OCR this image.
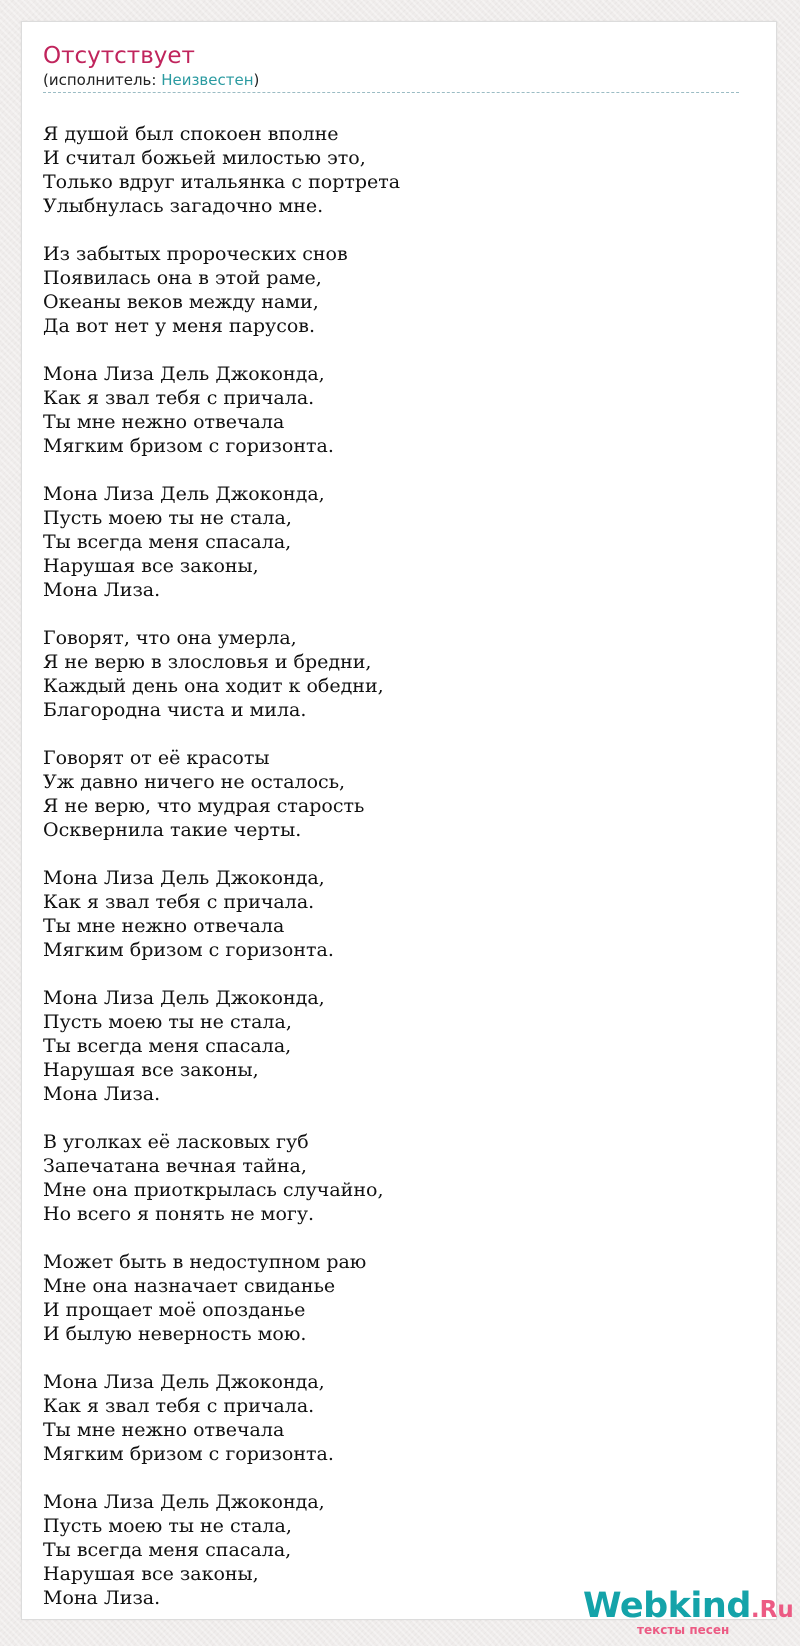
Отсутствует
(исполнитель: Неизвестен)
Я душой был спокоен вполне
И считал божьей милостью это,
Только вдруг итальянка с портрета
Улыбнулась загадочно мне.
Из забытых пророческих снов
Появилась она в этой раме,
Океаны веков между нами,
Да вот нет у меня парусов.
Мона Лиза Дель Джоконда,
Как я звал тебя с причала.
Ты мне нежно отвечала
Мягким бризом с горизонта.
Мона Лиза Дель Джоконда,
Пусть моею ты не стала,
Ты всегда меня спасала,
Нарушая все законы,
Мона Лиза.
Говорят, что она умерла,
Я не верю в злословья и бредни,
Каждый день она ходит к обедни,
Благородна чиста и мила.
Говорят от её красоты
Уж давно ничего не осталось,
Я не верю, что мудрая старость
Осквернила такие черты.
Мона Лиза Дель Джоконда,
Как я звал тебя с причала.
Ты мне нежно отвечала
Мягким бризом с горизонта.
Мона Лиза Дель Джоконда,
Пусть моею ты не стала,
Ты всегда меня спасала,
Нарушая все законы,
Мона Лиза.
В уголках её ласковых губ
Запечатана вечная тайна,
Мне она приоткрылась случайно,
Но всего я понять не могу.
Может быть в недоступном раю
Мне она назначает свиданье
И прощает моё опозданье
И былую неверность мою.
Мона Лиза Дель Джоконда,
Как я звал тебя с причала.
Ты мне нежно отвечала
Мягким бризом с горизонта.
Мона Лиза Дель Джоконда,
Пусть моею ты не стала,
Ты всегда меня спасала,
Нарушая все законы,
Мона Лиза.	Webkind.Ru
тексты песен
